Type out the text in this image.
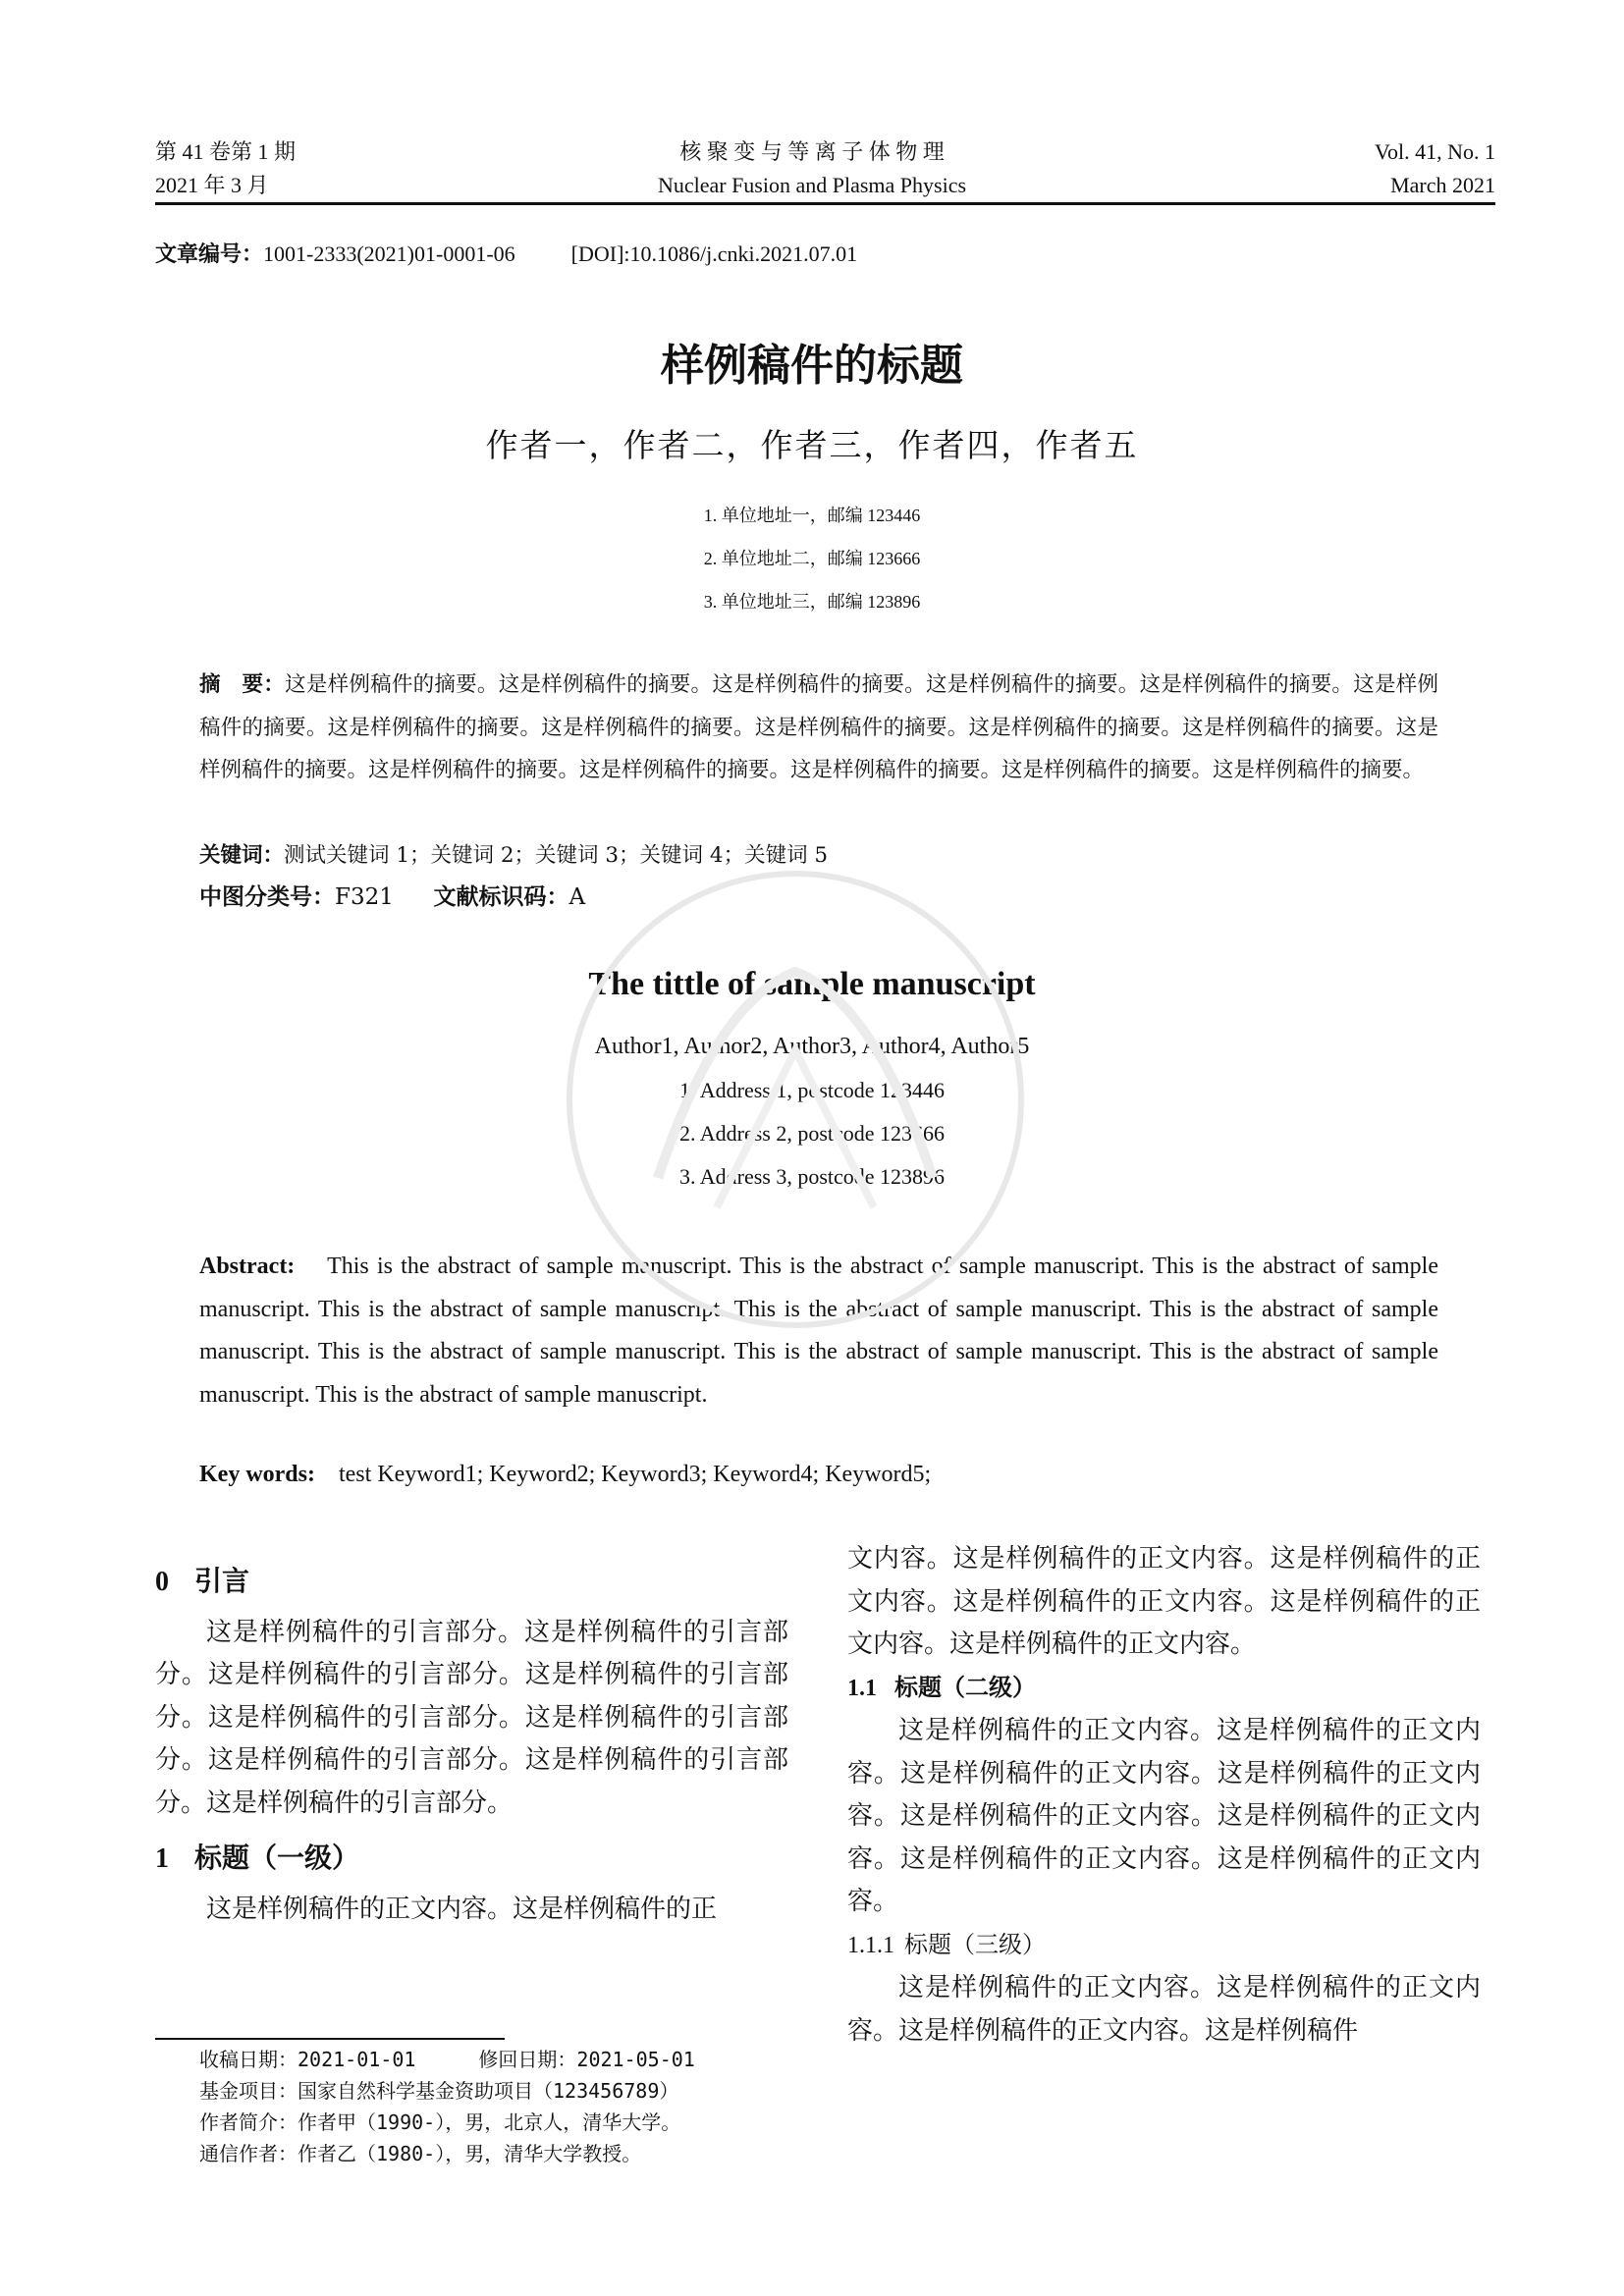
第 41 卷第 1 期
2021 年 3 月
核 聚 变 与 等 离 子 体 物 理
Nuclear Fusion and Plasma Physics
Vol. 41, No. 1
March 2021
文章编号：1001-2333(2021)01-0001-06	[DOI]:10.1086/j.cnki.2021.07.01
样例稿件的标题
作者一，作者二，作者三，作者四，作者五
1. 单位地址一，邮编 123446
2. 单位地址二，邮编 123666
3. 单位地址三，邮编 123896
摘　要：这是样例稿件的摘要。这是样例稿件的摘要。这是样例稿件的摘要。这是样例稿件的摘要。这是样例稿件的摘要。这是样例稿件的摘要。这是样例稿件的摘要。这是样例稿件的摘要。这是样例稿件的摘要。这是样例稿件的摘要。这是样例稿件的摘要。这是样例稿件的摘要。这是样例稿件的摘要。这是样例稿件的摘要。这是样例稿件的摘要。这是样例稿件的摘要。这是样例稿件的摘要。
关键词：测试关键词 1；关键词 2；关键词 3；关键词 4；关键词 5
中图分类号：F321 文献标识码：A
The tittle of sample manuscript
Author1, Author2, Author3, Author4, Author5
1. Address 1, postcode 123446
2. Address 2, postcode 123666
3. Address 3, postcode 123896
Abstract: This is the abstract of sample manuscript. This is the abstract of sample manuscript. This is the abstract of sample manuscript. This is the abstract of sample manuscript. This is the abstract of sample manuscript. This is the abstract of sample manuscript. This is the abstract of sample manuscript. This is the abstract of sample manuscript. This is the abstract of sample manuscript. This is the abstract of sample manuscript.
Key words: test Keyword1; Keyword2; Keyword3; Keyword4; Keyword5;
0 引言

这是样例稿件的引言部分。这是样例稿件的引言部分。这是样例稿件的引言部分。这是样例稿件的引言部分。这是样例稿件的引言部分。这是样例稿件的引言部分。这是样例稿件的引言部分。这是样例稿件的引言部分。这是样例稿件的引言部分。

1 标题（一级）

这是样例稿件的正文内容。这是样例稿件的正

文内容。这是样例稿件的正文内容。这是样例稿件的正文内容。这是样例稿件的正文内容。这是样例稿件的正文内容。这是样例稿件的正文内容。

1.1 标题（二级）

这是样例稿件的正文内容。这是样例稿件的正文内容。这是样例稿件的正文内容。这是样例稿件的正文内容。这是样例稿件的正文内容。这是样例稿件的正文内容。这是样例稿件的正文内容。这是样例稿件的正文内容。

1.1.1 标题（三级）

这是样例稿件的正文内容。这是样例稿件的正文内容。这是样例稿件的正文内容。这是样例稿件

收稿日期：2021-01-01	修回日期：2021-05-01
基金项目：国家自然科学基金资助项目（123456789）
作者简介：作者甲（1990-），男，北京人，清华大学。
通信作者：作者乙（1980-），男，清华大学教授。
